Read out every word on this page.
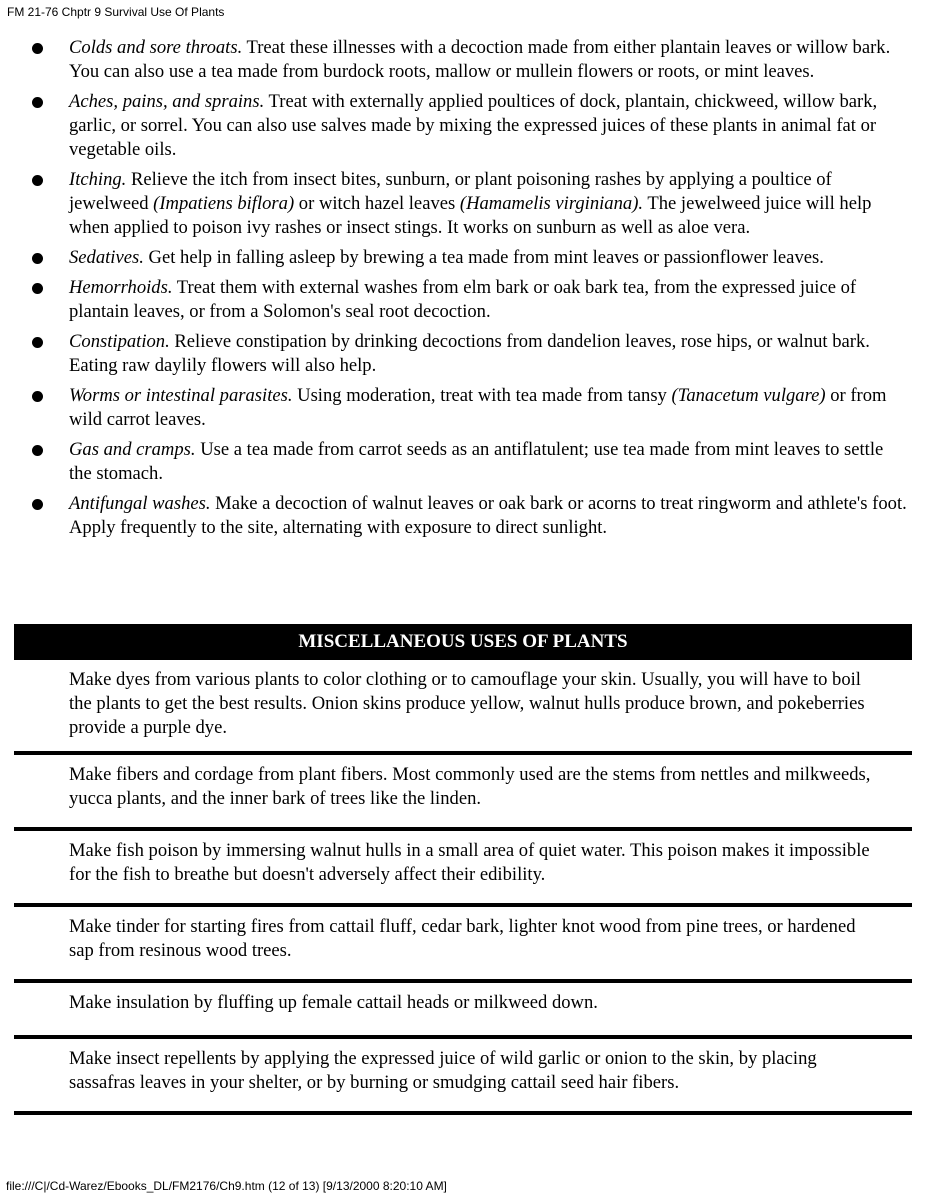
FM 21-76 Chptr 9 Survival Use Of Plants
Colds and sore throats. Treat these illnesses with a decoction made from either plantain leaves or willow bark. You can also use a tea made from burdock roots, mallow or mullein flowers or roots, or mint leaves.
Aches, pains, and sprains. Treat with externally applied poultices of dock, plantain, chickweed, willow bark, garlic, or sorrel. You can also use salves made by mixing the expressed juices of these plants in animal fat or vegetable oils.
Itching. Relieve the itch from insect bites, sunburn, or plant poisoning rashes by applying a poultice of jewelweed (Impatiens biflora) or witch hazel leaves (Hamamelis virginiana). The jewelweed juice will help when applied to poison ivy rashes or insect stings. It works on sunburn as well as aloe vera.
Sedatives. Get help in falling asleep by brewing a tea made from mint leaves or passionflower leaves.
Hemorrhoids. Treat them with external washes from elm bark or oak bark tea, from the expressed juice of plantain leaves, or from a Solomon's seal root decoction.
Constipation. Relieve constipation by drinking decoctions from dandelion leaves, rose hips, or walnut bark. Eating raw daylily flowers will also help.
Worms or intestinal parasites. Using moderation, treat with tea made from tansy (Tanacetum vulgare) or from wild carrot leaves.
Gas and cramps. Use a tea made from carrot seeds as an antiflatulent; use tea made from mint leaves to settle the stomach.
Antifungal washes. Make a decoction of walnut leaves or oak bark or acorns to treat ringworm and athlete's foot. Apply frequently to the site, alternating with exposure to direct sunlight.
MISCELLANEOUS USES OF PLANTS
Make dyes from various plants to color clothing or to camouflage your skin. Usually, you will have to boil the plants to get the best results. Onion skins produce yellow, walnut hulls produce brown, and pokeberries provide a purple dye.
Make fibers and cordage from plant fibers. Most commonly used are the stems from nettles and milkweeds, yucca plants, and the inner bark of trees like the linden.
Make fish poison by immersing walnut hulls in a small area of quiet water. This poison makes it impossible for the fish to breathe but doesn't adversely affect their edibility.
Make tinder for starting fires from cattail fluff, cedar bark, lighter knot wood from pine trees, or hardened sap from resinous wood trees.
Make insulation by fluffing up female cattail heads or milkweed down.
Make insect repellents by applying the expressed juice of wild garlic or onion to the skin, by placing sassafras leaves in your shelter, or by burning or smudging cattail seed hair fibers.
file:///C|/Cd-Warez/Ebooks_DL/FM2176/Ch9.htm (12 of 13) [9/13/2000 8:20:10 AM]
